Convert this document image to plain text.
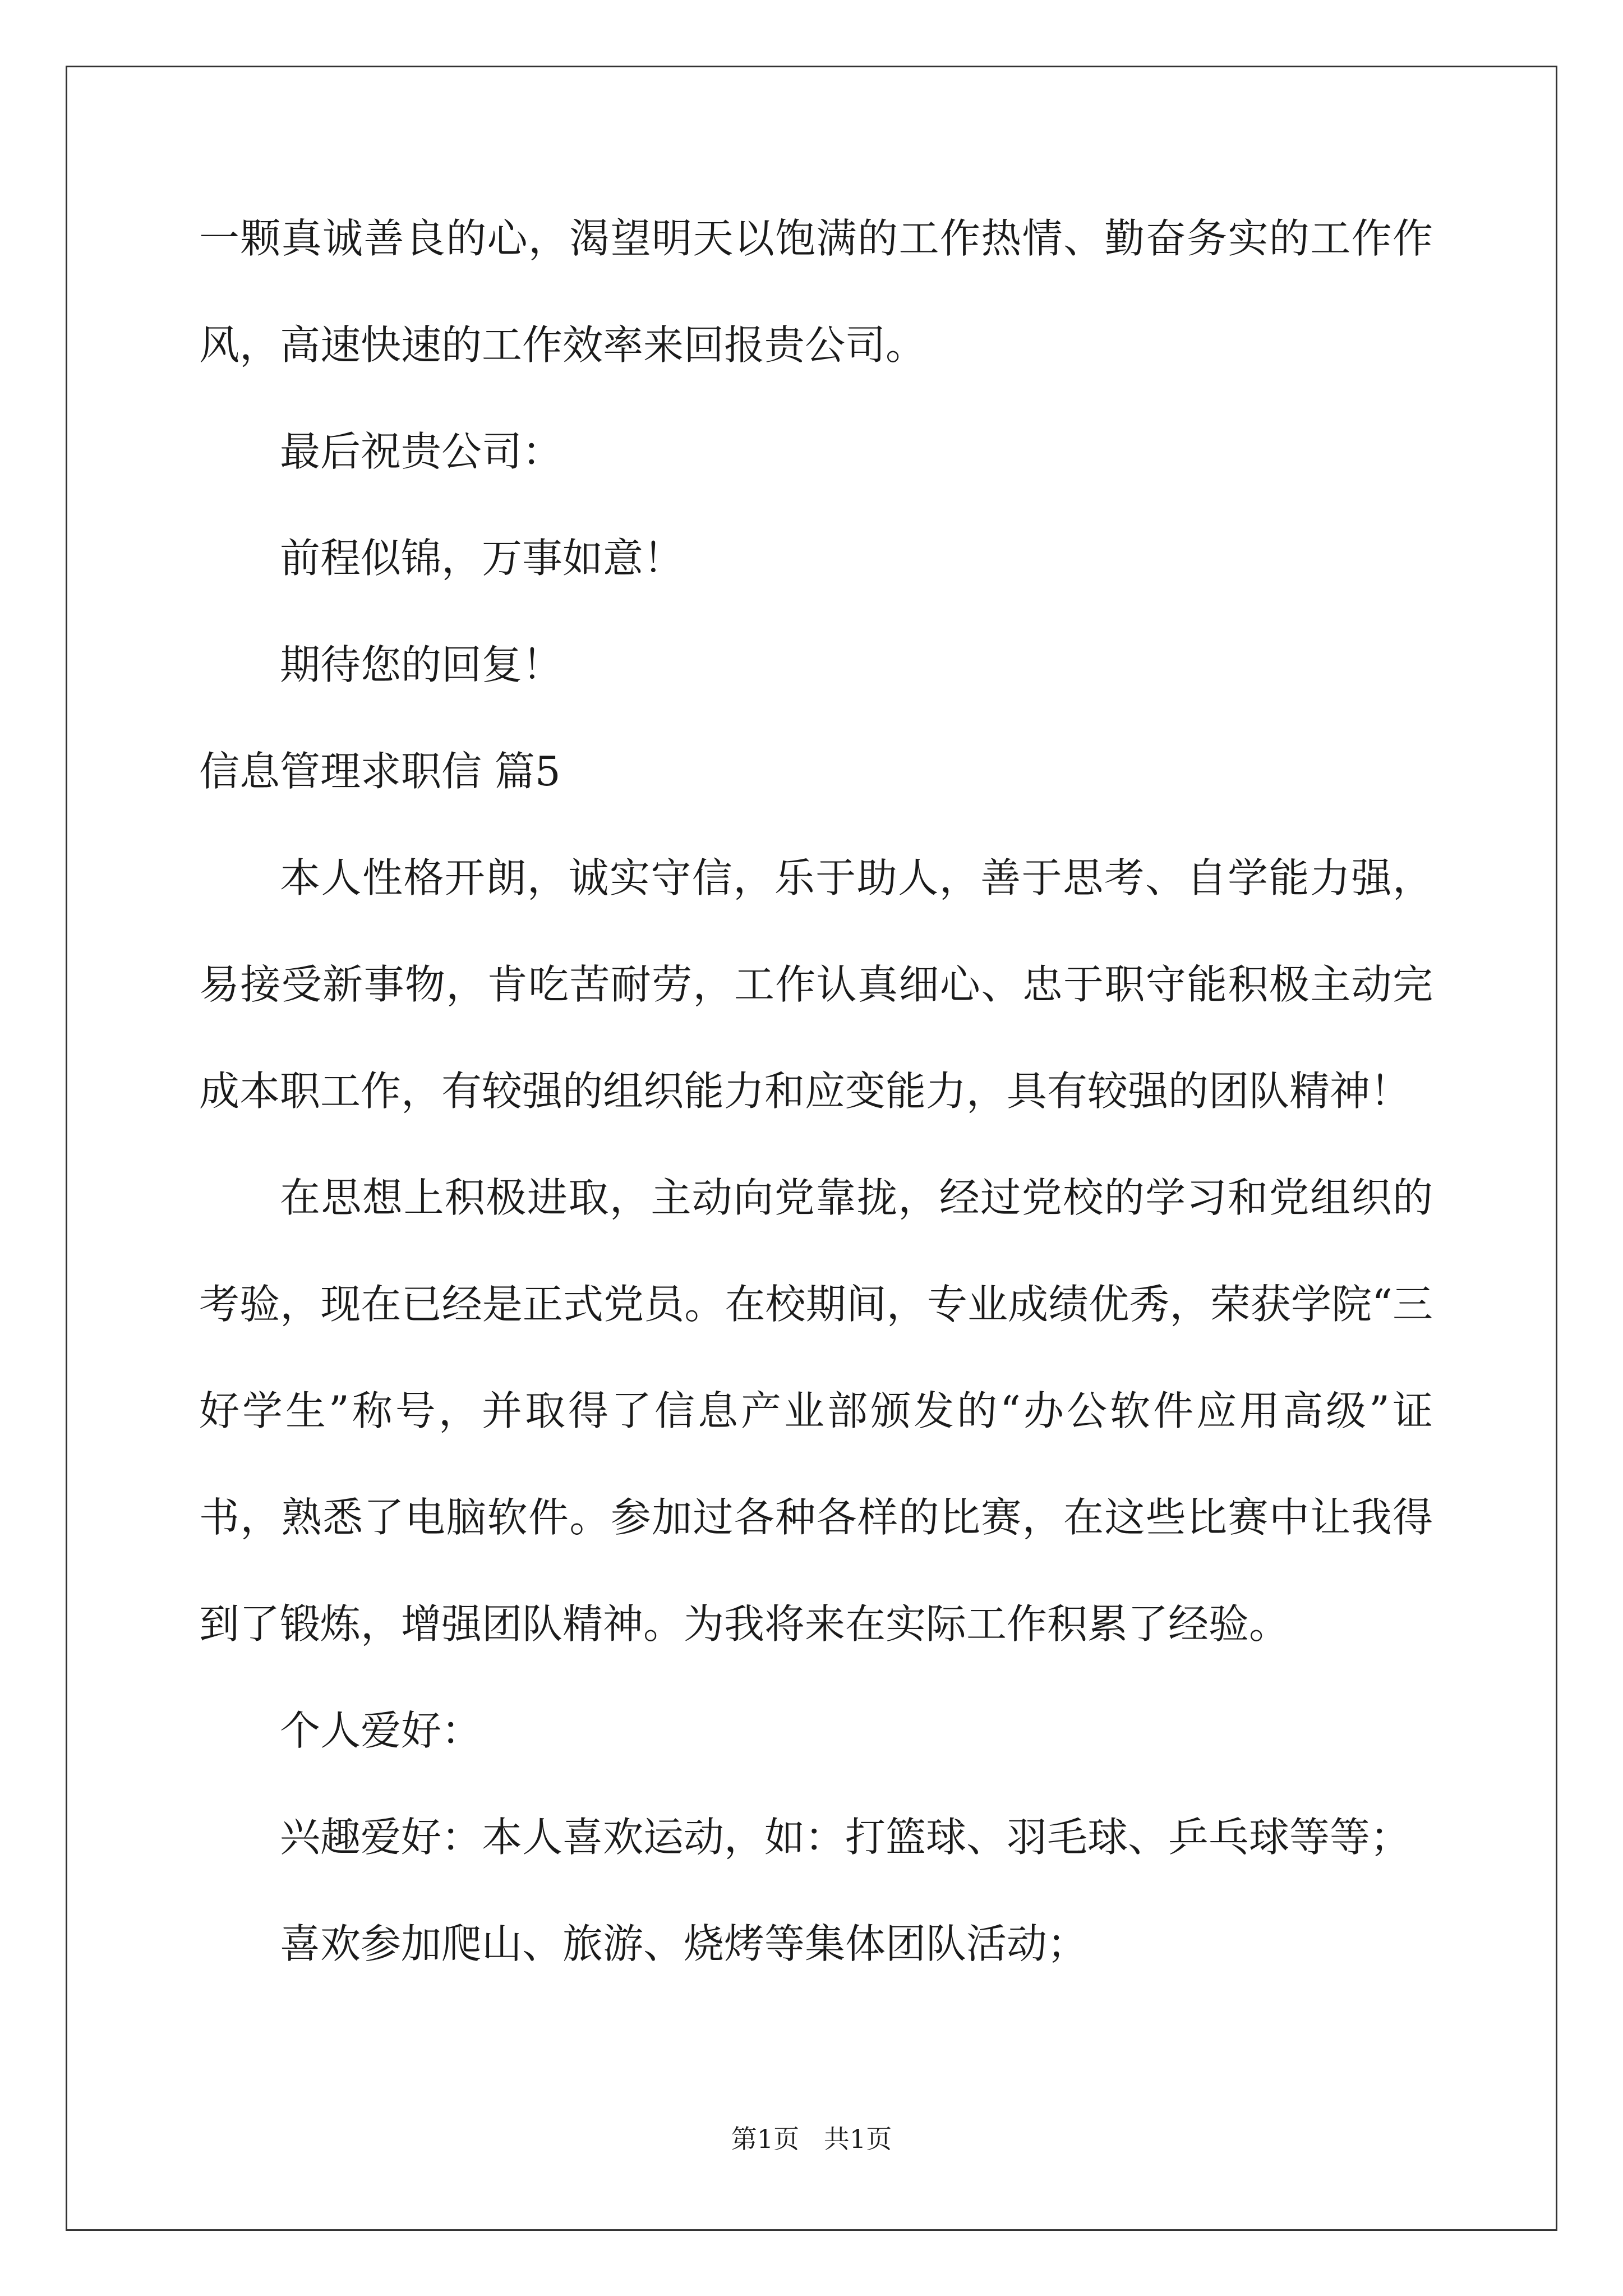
一颗真诚善良的心，渴望明天以饱满的工作热情、勤奋务实的工作作
风，高速快速的工作效率来回报贵公司。
最后祝贵公司：
前程似锦，万事如意！
期待您的回复！
信息管理求职信 篇5
本人性格开朗，诚实守信，乐于助人，善于思考、自学能力强，
易接受新事物，肯吃苦耐劳，工作认真细心、忠于职守能积极主动完
成本职工作，有较强的组织能力和应变能力，具有较强的团队精神！
在思想上积极进取，主动向党靠拢，经过党校的学习和党组织的
考验，现在已经是正式党员。在校期间，专业成绩优秀，荣获学院“三
好学生”称号，并取得了信息产业部颁发的“办公软件应用高级”证
书，熟悉了电脑软件。参加过各种各样的比赛，在这些比赛中让我得
到了锻炼，增强团队精神。为我将来在实际工作积累了经验。
个人爱好：
兴趣爱好：本人喜欢运动，如：打篮球、羽毛球、乒乓球等等；
喜欢参加爬山、旅游、烧烤等集体团队活动；
第1页   共1页
